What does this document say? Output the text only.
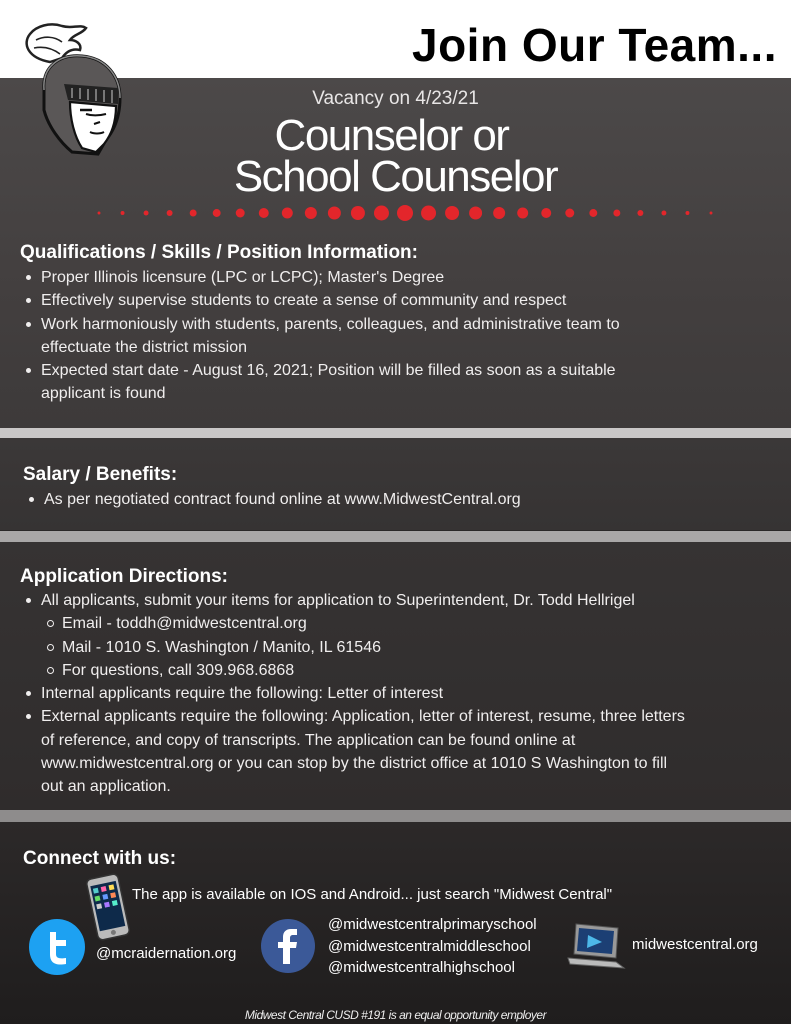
Join Our Team...
Vacancy on 4/23/21
Counselor or
School Counselor
Qualifications / Skills / Position Information:
Proper Illinois licensure (LPC or LCPC); Master's Degree
Effectively supervise students to create a sense of community and respect
Work harmoniously with students, parents, colleagues, and administrative team to
effectuate the district mission
Expected start date - August 16, 2021; Position will be filled as soon as a suitable
applicant is found
Salary / Benefits:
As per negotiated contract found online at www.MidwestCentral.org
Application Directions:
All applicants, submit your items for application to Superintendent, Dr. Todd Hellrigel
Email - toddh@midwestcentral.org
Mail - 1010 S. Washington / Manito, IL 61546
For questions, call 309.968.6868
Internal applicants require the following: Letter of interest
External applicants require the following: Application, letter of interest, resume, three letters
of reference, and copy of transcripts. The application can be found online at
www.midwestcentral.org or you can stop by the district office at 1010 S Washington to fill
out an application.
Connect with us:
The app is available on IOS and Android... just search "Midwest Central"
@mcraidernation.org
@midwestcentralprimaryschool
@midwestcentralmiddleschool
@midwestcentralhighschool
midwestcentral.org
Midwest Central CUSD #191 is an equal opportunity employer
